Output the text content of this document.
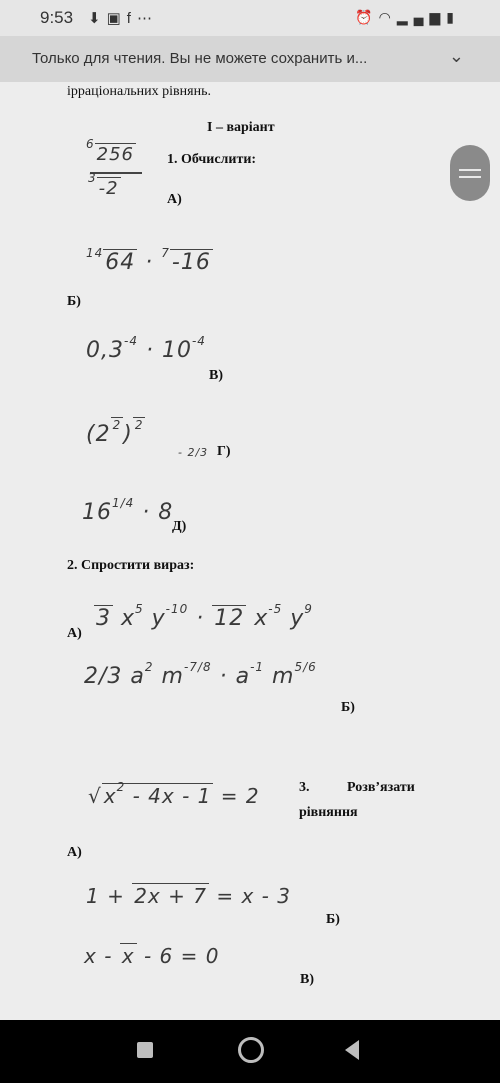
9:53 ⬇▣f⋯	⏰◠▂▄▆▮
Только для чтения. Вы не можете сохранить и...	⌄
ірраціональних рівнянь.
І – варіант
$^6$ 256
$^3$ -2
1. Обчислити:
А)
$^{14}$64 · $^7$-16
Б)
$0,3^{-4} \cdot 10^{-4}$
В)
(2 $^2$) $^2$
- 2/3 Г)
$16^{1/4} \cdot 8$
Д)
2. Спростити вираз:
3 $x^5$ $y^{-10} \cdot 12$ $x^{-5}$ $y^9$
А)
2/3 $a^2$ $m^{-7/8} \cdot a^{-1}$ $m^{5/6}$
Б)
√ $x^2 - 4x - 1 = 2$	3.	Розв’язати
рівняння
А)
1 + 2x + 7 = x - 3
Б)
x - x - 6 = 0
В)
